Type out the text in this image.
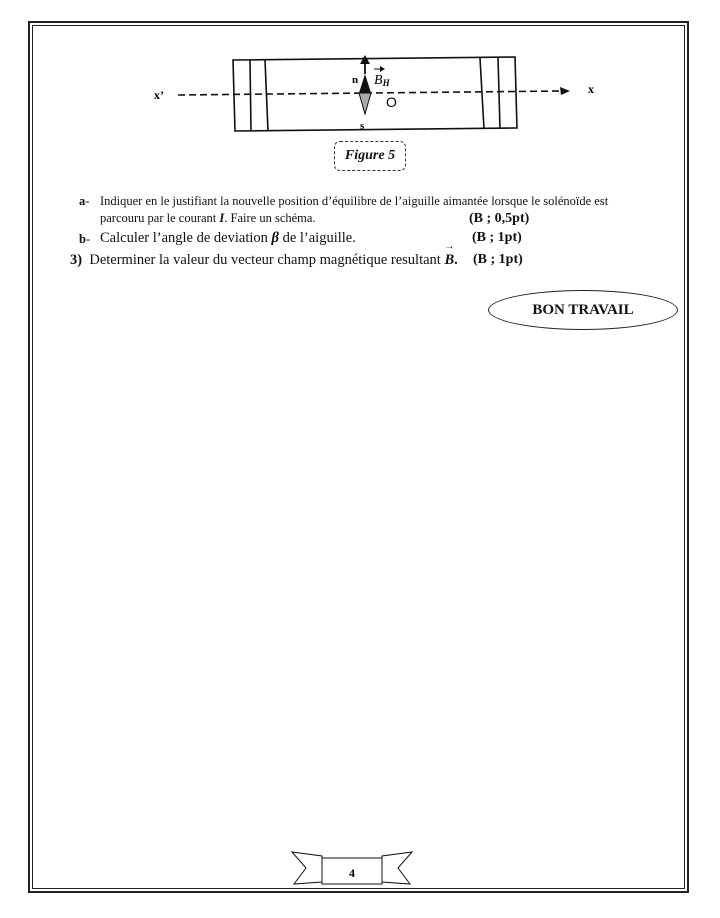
x’	x
n
s
BH
O
Figure 5
a- Indiquer en le justifiant la nouvelle position d’équilibre de l’aiguille aimantée lorsque le solénoïde est
parcouru par le courant I. Faire un schéma.	(B ; 0,5pt)
b- Calculer l’angle de deviation β de l’aiguille.	(B ; 1pt)
3) Determiner la valeur du vecteur champ magnétique resultant → B. (B ; 1pt)
BON TRAVAIL
4
